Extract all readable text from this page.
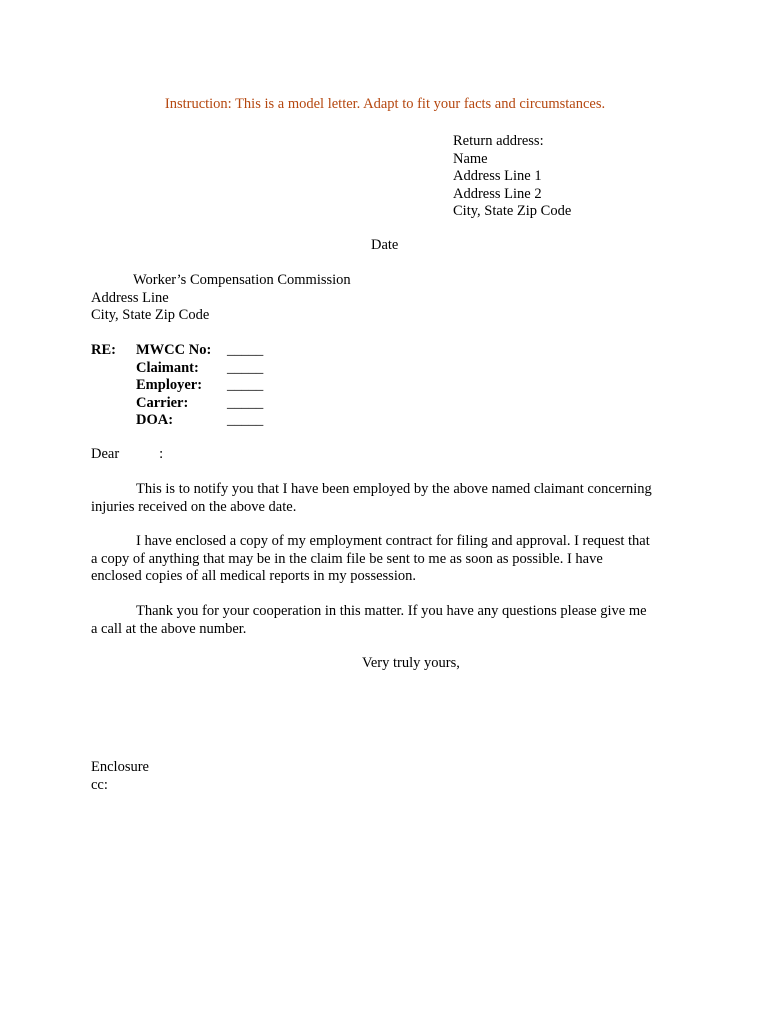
Instruction: This is a model letter. Adapt to fit your facts and circumstances.
Return address:
Name
Address Line 1
Address Line 2
City, State Zip Code
Date
Worker’s Compensation Commission
Address Line
City, State Zip Code
RE:	MWCC No:	_____
Claimant:	_____
Employer:	_____
Carrier:	_____
DOA:	_____
Dear	:
This is to notify you that I have been employed by the above named claimant concerning
injuries received on the above date.
I have enclosed a copy of my employment contract for filing and approval. I request that
a copy of anything that may be in the claim file be sent to me as soon as possible. I have
enclosed copies of all medical reports in my possession.
Thank you for your cooperation in this matter. If you have any questions please give me
a call at the above number.
Very truly yours,
Enclosure
cc:
